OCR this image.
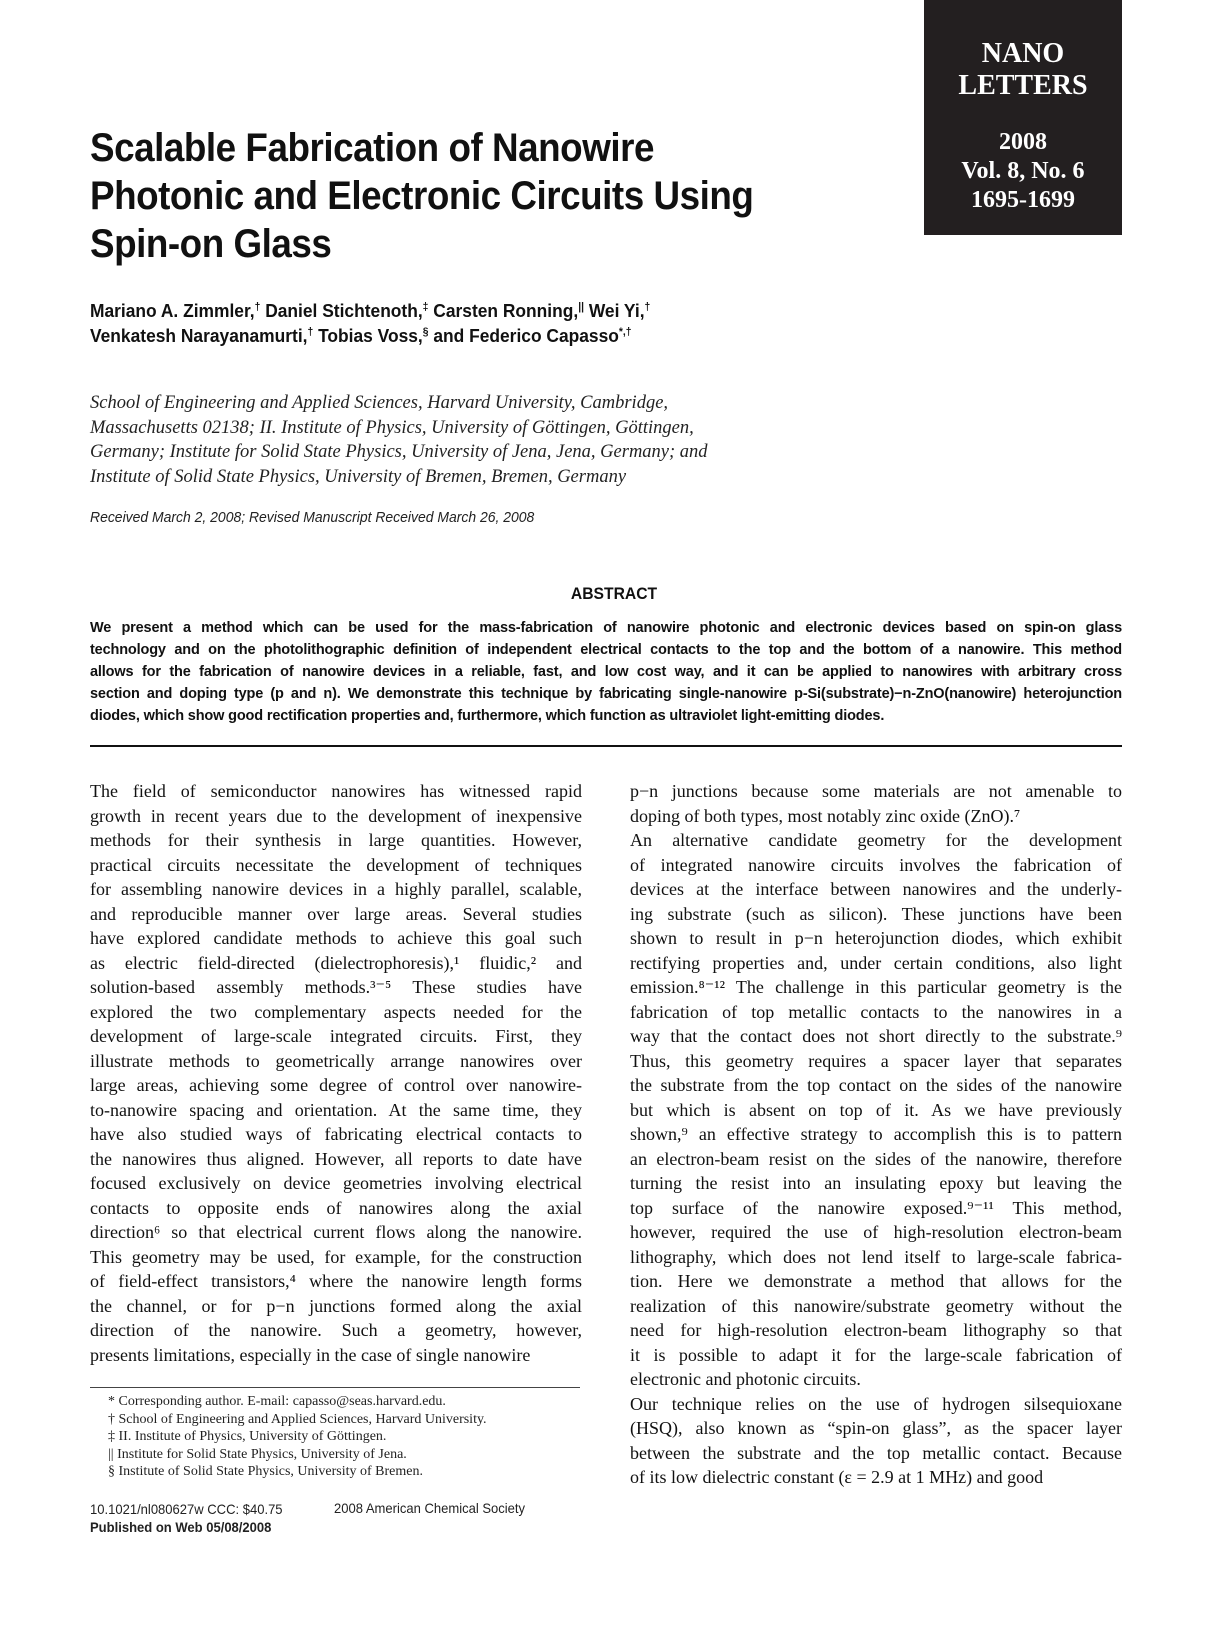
NANO
LETTERS
2008
Vol. 8, No. 6
1695-1699
Scalable Fabrication of Nanowire
Photonic and Electronic Circuits Using
Spin-on Glass
Mariano A. Zimmler,† Daniel Stichtenoth,‡ Carsten Ronning,|| Wei Yi,†
Venkatesh Narayanamurti,† Tobias Voss,§ and Federico Capasso*,†
School of Engineering and Applied Sciences, Harvard University, Cambridge,
Massachusetts 02138; II. Institute of Physics, University of Göttingen, Göttingen,
Germany; Institute for Solid State Physics, University of Jena, Jena, Germany; and
Institute of Solid State Physics, University of Bremen, Bremen, Germany
Received March 2, 2008; Revised Manuscript Received March 26, 2008
ABSTRACT
We present a method which can be used for the mass-fabrication of nanowire photonic and electronic devices based on spin-on glass
technology and on the photolithographic definition of independent electrical contacts to the top and the bottom of a nanowire. This method
allows for the fabrication of nanowire devices in a reliable, fast, and low cost way, and it can be applied to nanowires with arbitrary cross
section and doping type (p and n). We demonstrate this technique by fabricating single-nanowire p-Si(substrate)−n-ZnO(nanowire) heterojunction
diodes, which show good rectification properties and, furthermore, which function as ultraviolet light-emitting diodes.
The field of semiconductor nanowires has witnessed rapid
growth in recent years due to the development of inexpensive
methods for their synthesis in large quantities. However,
practical circuits necessitate the development of techniques
for assembling nanowire devices in a highly parallel, scalable,
and reproducible manner over large areas. Several studies
have explored candidate methods to achieve this goal such
as electric field-directed (dielectrophoresis),¹ fluidic,² and
solution-based assembly methods.³⁻⁵ These studies have
explored the two complementary aspects needed for the
development of large-scale integrated circuits. First, they
illustrate methods to geometrically arrange nanowires over
large areas, achieving some degree of control over nanowire-
to-nanowire spacing and orientation. At the same time, they
have also studied ways of fabricating electrical contacts to
the nanowires thus aligned. However, all reports to date have
focused exclusively on device geometries involving electrical
contacts to opposite ends of nanowires along the axial
direction⁶ so that electrical current flows along the nanowire.
This geometry may be used, for example, for the construction
of field-effect transistors,⁴ where the nanowire length forms
the channel, or for p−n junctions formed along the axial
direction of the nanowire. Such a geometry, however,
presents limitations, especially in the case of single nanowire
p−n junctions because some materials are not amenable to
doping of both types, most notably zinc oxide (ZnO).⁷
An alternative candidate geometry for the development
of integrated nanowire circuits involves the fabrication of
devices at the interface between nanowires and the underly-
ing substrate (such as silicon). These junctions have been
shown to result in p−n heterojunction diodes, which exhibit
rectifying properties and, under certain conditions, also light
emission.⁸⁻¹² The challenge in this particular geometry is the
fabrication of top metallic contacts to the nanowires in a
way that the contact does not short directly to the substrate.⁹
Thus, this geometry requires a spacer layer that separates
the substrate from the top contact on the sides of the nanowire
but which is absent on top of it. As we have previously
shown,⁹ an effective strategy to accomplish this is to pattern
an electron-beam resist on the sides of the nanowire, therefore
turning the resist into an insulating epoxy but leaving the
top surface of the nanowire exposed.⁹⁻¹¹ This method,
however, required the use of high-resolution electron-beam
lithography, which does not lend itself to large-scale fabrica-
tion. Here we demonstrate a method that allows for the
realization of this nanowire/substrate geometry without the
need for high-resolution electron-beam lithography so that
it is possible to adapt it for the large-scale fabrication of
electronic and photonic circuits.
Our technique relies on the use of hydrogen silsequioxane
(HSQ), also known as “spin-on glass”, as the spacer layer
between the substrate and the top metallic contact. Because
of its low dielectric constant (ε = 2.9 at 1 MHz) and good
* Corresponding author. E-mail: capasso@seas.harvard.edu.
† School of Engineering and Applied Sciences, Harvard University.
‡ II. Institute of Physics, University of Göttingen.
|| Institute for Solid State Physics, University of Jena.
§ Institute of Solid State Physics, University of Bremen.
10.1021/nl080627w CCC: $40.75
Published on Web 05/08/2008
2008 American Chemical Society
